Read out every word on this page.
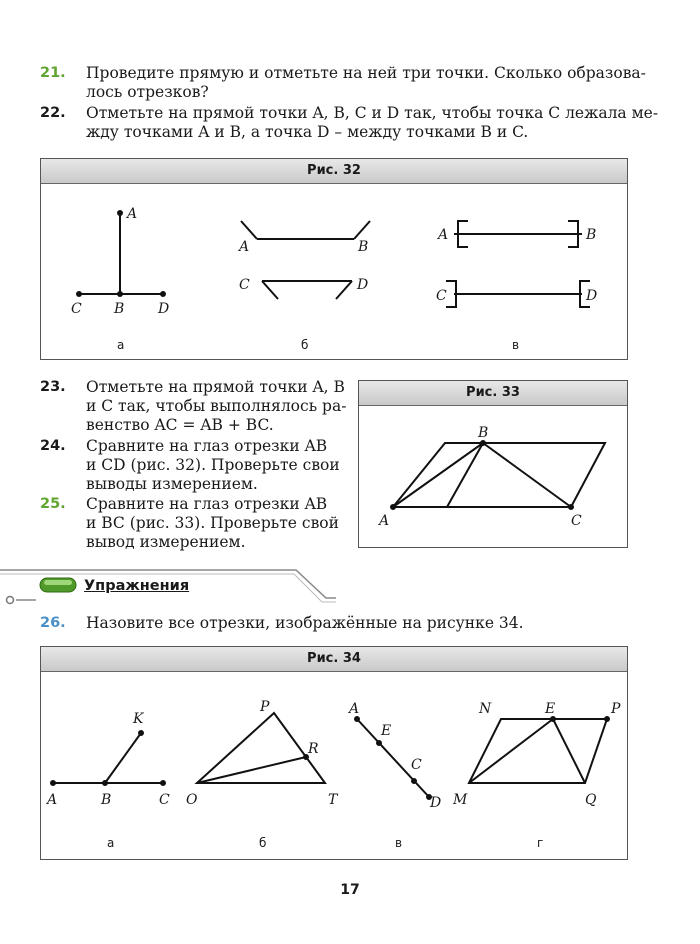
21.	Проведите прямую и отметьте на ней три точки. Сколько образова-
лось отрезков?
22.	Отметьте на прямой точки A, B, C и D так, чтобы точка C лежала ме-
жду точками A и B, а точка D – между точками B и C.
Рис. 32
A
B
C	D
а
A	B
C	D
б
A	B
C	D
в
23.	Отметьте на прямой точки A, B
и C так, чтобы выполнялось ра-
венство AC = AB + BC.
24.	Сравните на глаз отрезки AB
и CD (рис. 32). Проверьте свои
выводы измерением.
25.	Сравните на глаз отрезки AB
и BC (рис. 33). Проверьте свой
вывод измерением.
Рис. 33
A
B
C
Упражнения
26.	Назовите все отрезки, изображённые на рисунке 34.
Рис. 34
A	B	C
K
а
P
R
O	T
б
A
E
C
D
в
N	E	P
M	Q
г
17
